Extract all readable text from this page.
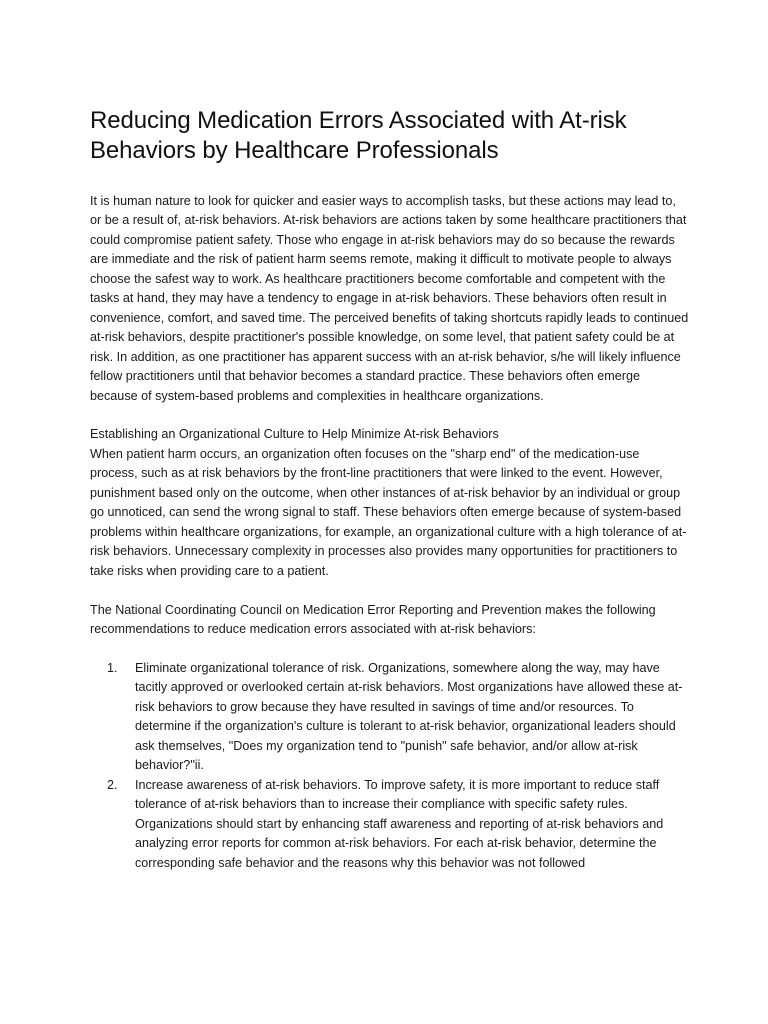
Reducing Medication Errors Associated with At-risk Behaviors by Healthcare Professionals

It is human nature to look for quicker and easier ways to accomplish tasks, but these actions may lead to, or be a result of, at-risk behaviors. At-risk behaviors are actions taken by some healthcare practitioners that could compromise patient safety. Those who engage in at-risk behaviors may do so because the rewards are immediate and the risk of patient harm seems remote, making it difficult to motivate people to always choose the safest way to work. As healthcare practitioners become comfortable and competent with the tasks at hand, they may have a tendency to engage in at-risk behaviors. These behaviors often result in convenience, comfort, and saved time. The perceived benefits of taking shortcuts rapidly leads to continued at-risk behaviors, despite practitioner's possible knowledge, on some level, that patient safety could be at risk. In addition, as one practitioner has apparent success with an at-risk behavior, s/he will likely influence fellow practitioners until that behavior becomes a standard practice. These behaviors often emerge because of system-based problems and complexities in healthcare organizations.

Establishing an Organizational Culture to Help Minimize At-risk Behaviors

When patient harm occurs, an organization often focuses on the "sharp end" of the medication-use process, such as at risk behaviors by the front-line practitioners that were linked to the event. However, punishment based only on the outcome, when other instances of at-risk behavior by an individual or group go unnoticed, can send the wrong signal to staff. These behaviors often emerge because of system-based problems within healthcare organizations, for example, an organizational culture with a high tolerance of at-risk behaviors. Unnecessary complexity in processes also provides many opportunities for practitioners to take risks when providing care to a patient.

The National Coordinating Council on Medication Error Reporting and Prevention makes the following recommendations to reduce medication errors associated with at-risk behaviors:

1. Eliminate organizational tolerance of risk. Organizations, somewhere along the way, may have tacitly approved or overlooked certain at-risk behaviors. Most organizations have allowed these at-risk behaviors to grow because they have resulted in savings of time and/or resources. To determine if the organization's culture is tolerant to at-risk behavior, organizational leaders should ask themselves, "Does my organization tend to "punish" safe behavior, and/or allow at-risk behavior?"ii.
2. Increase awareness of at-risk behaviors. To improve safety, it is more important to reduce staff tolerance of at-risk behaviors than to increase their compliance with specific safety rules. Organizations should start by enhancing staff awareness and reporting of at-risk behaviors and analyzing error reports for common at-risk behaviors. For each at-risk behavior, determine the corresponding safe behavior and the reasons why this behavior was not followed
